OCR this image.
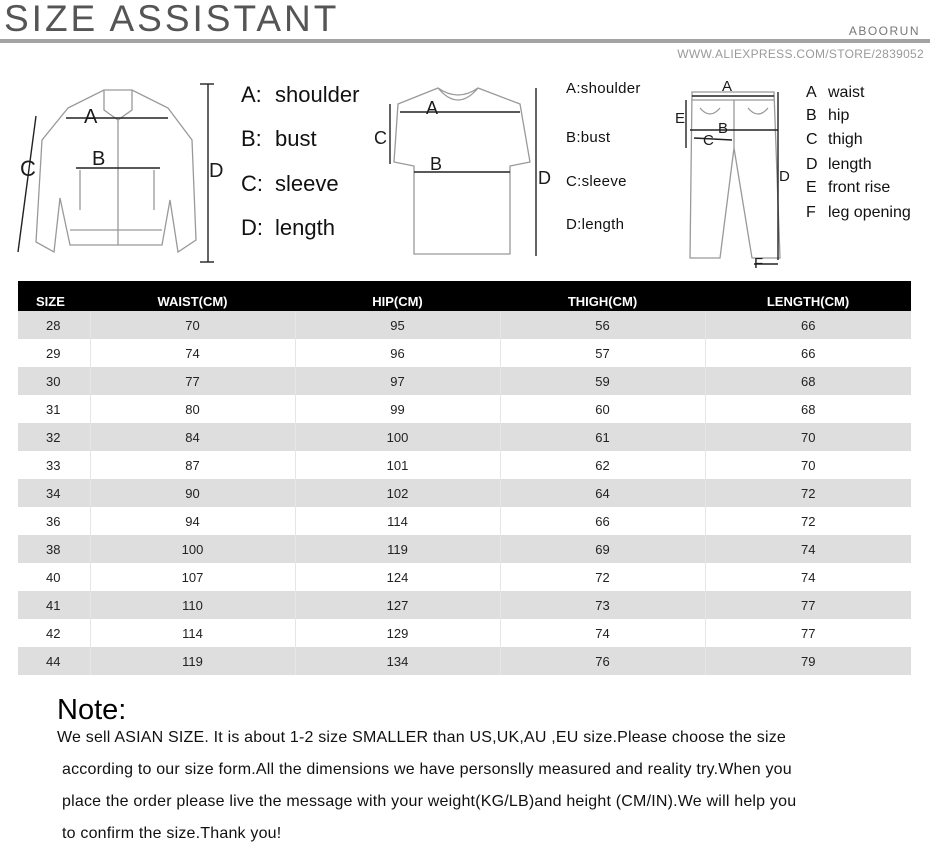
SIZE ASSISTANT	ABOORUN
WWW.ALIEXPRESS.COM/STORE/2839052
A
B
C	D
A: shoulder
B: bust
C: sleeve
D: length
A
B
C
D
A:shoulder
B:bust
C:sleeve
D:length
A
B
C
D
E
F
A waist
B hip
C thigh
D length
E front rise
F leg opening
SIZE	WAIST(CM)	HIP(CM)	THIGH(CM)	LENGTH(CM)
28	70	95	56	66
29	74	96	57	66
30	77	97	59	68
31	80	99	60	68
32	84	100	61	70
33	87	101	62	70
34	90	102	64	72
36	94	114	66	72
38	100	119	69	74
40	107	124	72	74
41	110	127	73	77
42	114	129	74	77
44	119	134	76	79
Note:
We sell ASIAN SIZE. It is about 1-2 size SMALLER than US,UK,AU ,EU size.Please choose the size
according to our size form.All the dimensions we have personslly measured and reality try.When you
place the order please live the message with your weight(KG/LB)and height (CM/IN).We will help you
to confirm the size.Thank you!
